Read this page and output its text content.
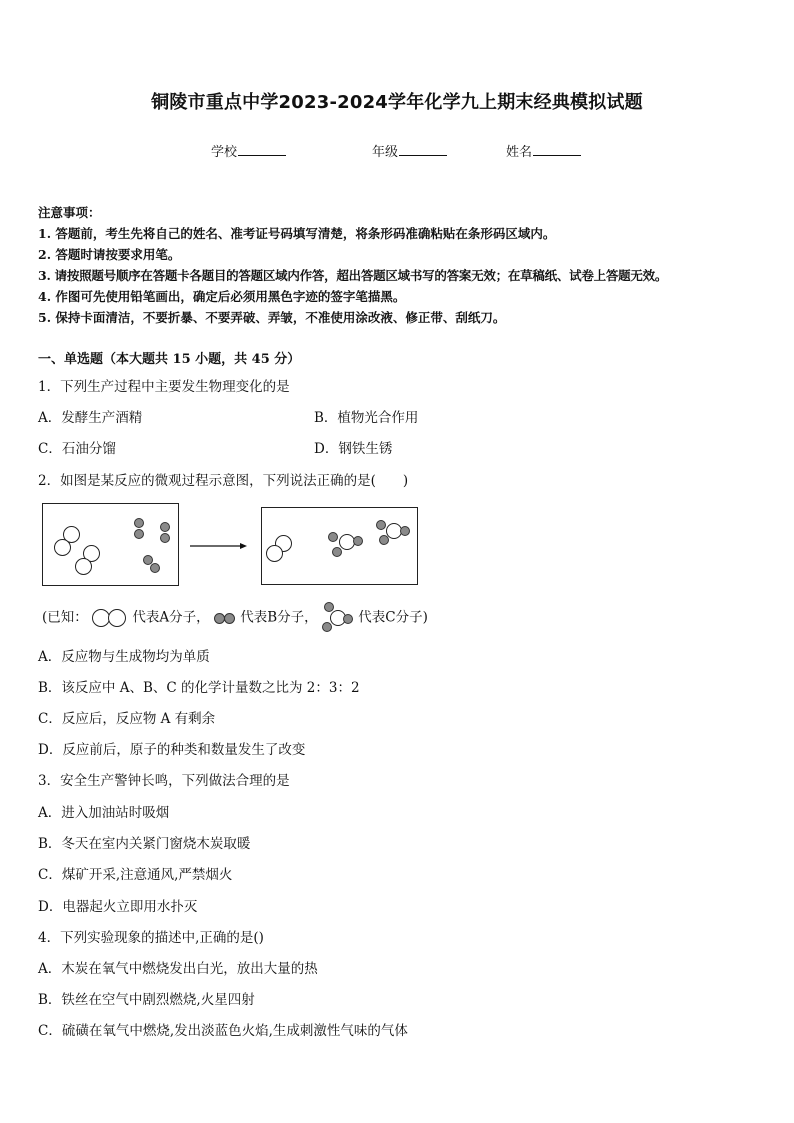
铜陵市重点中学2023-2024学年化学九上期末经典模拟试题
学校	年级	姓名
注意事项：
1. 答题前，考生先将自己的姓名、准考证号码填写清楚，将条形码准确粘贴在条形码区域内。
2. 答题时请按要求用笔。
3. 请按照题号顺序在答题卡各题目的答题区域内作答，超出答题区域书写的答案无效；在草稿纸、试卷上答题无效。
4. 作图可先使用铅笔画出，确定后必须用黑色字迹的签字笔描黑。
5. 保持卡面清洁，不要折暴、不要弄破、弄皱，不准使用涂改液、修正带、刮纸刀。
一、单选题（本大题共 15 小题，共 45 分）
1．下列生产过程中主要发生物理变化的是
A．发酵生产酒精	B．植物光合作用
C．石油分馏	D．钢铁生锈
2．如图是某反应的微观过程示意图，下列说法正确的是(　　)
(已知：	代表A分子， 代表B分子，	代表C分子)
A．反应物与生成物均为单质
B．该反应中 A、B、C 的化学计量数之比为 2：3：2
C．反应后，反应物 A 有剩余
D．反应前后，原子的种类和数量发生了改变
3．安全生产警钟长鸣，下列做法合理的是
A．进入加油站时吸烟
B．冬天在室内关紧门窗烧木炭取暖
C．煤矿开采,注意通风,严禁烟火
D．电器起火立即用水扑灭
4．下列实验现象的描述中,正确的是()
A．木炭在氧气中燃烧发出白光，放出大量的热
B．铁丝在空气中剧烈燃烧,火星四射
C．硫磺在氧气中燃烧,发出淡蓝色火焰,生成刺激性气味的气体
